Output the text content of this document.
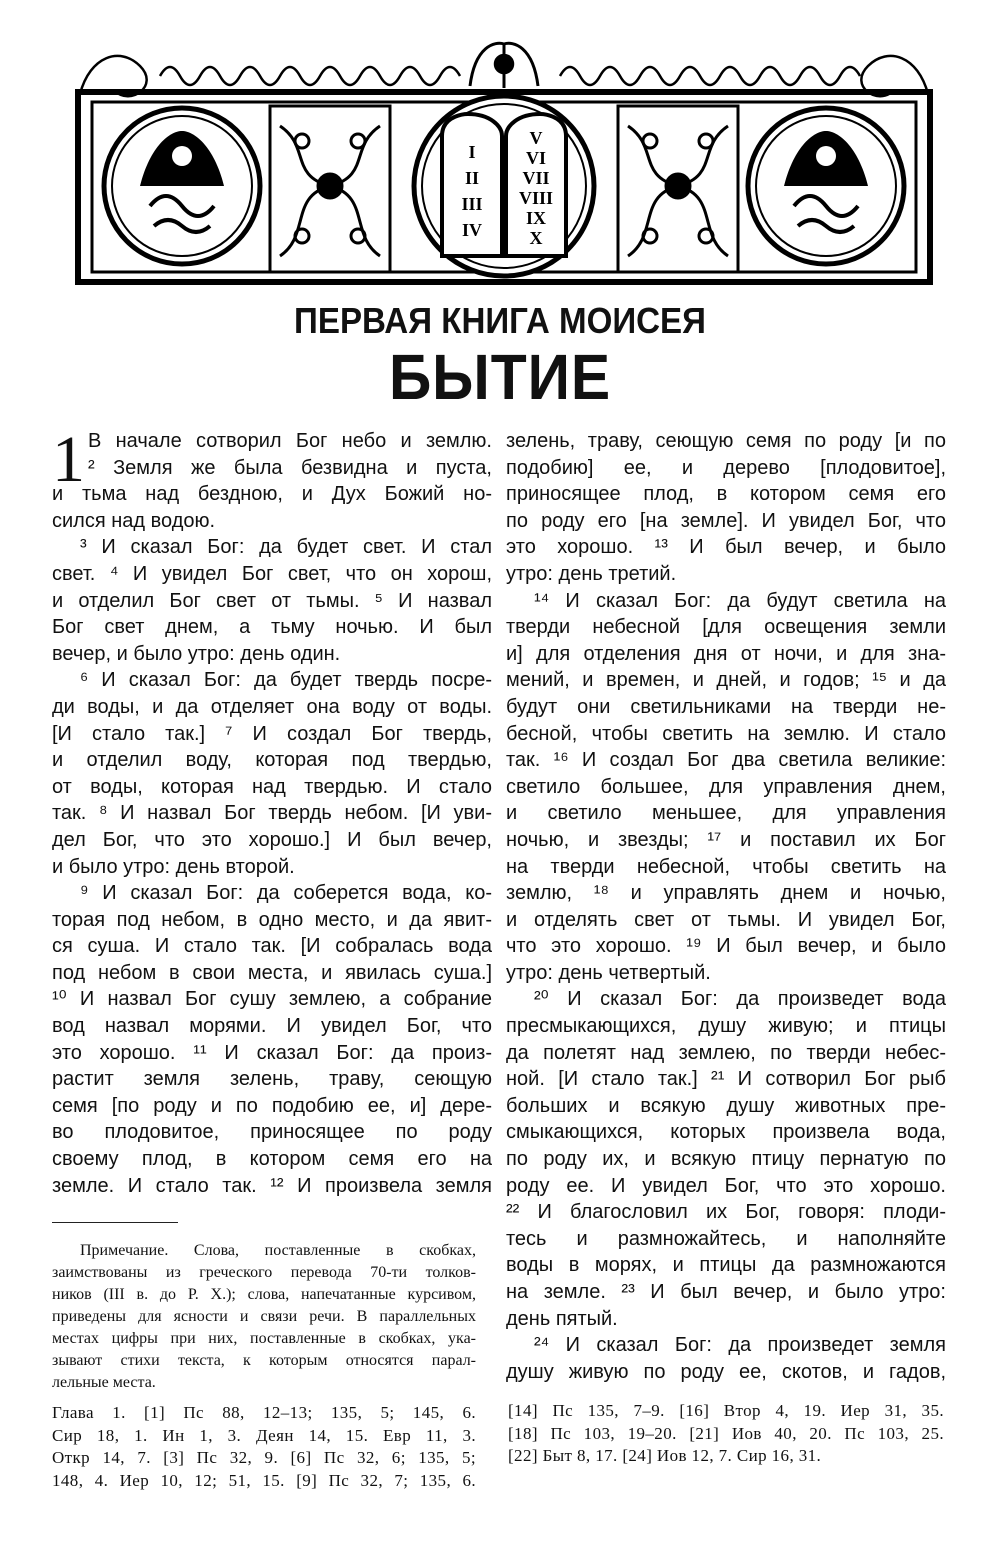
I
II
III
IV
V
VI
VII
VIII
IX
X
ПЕРВАЯ КНИГА МОИСЕЯ
БЫТИЕ
1 В начале сотворил Бог небо и землю.
² Земля же была безвидна и пуста,
и тьма над бездною, и Дух Божий но-
сился над водою.
³ И сказал Бог: да будет свет. И стал
свет. ⁴ И увидел Бог свет, что он хорош,
и отделил Бог свет от тьмы. ⁵ И назвал
Бог свет днем, а тьму ночью. И был
вечер, и было утро: день один.
⁶ И сказал Бог: да будет твердь посре-
ди воды, и да отделяет она воду от воды.
[И стало так.] ⁷ И создал Бог твердь,
и отделил воду, которая под твердью,
от воды, которая над твердью. И стало
так. ⁸ И назвал Бог твердь небом. [И уви-
дел Бог, что это хорошо.] И был вечер,
и было утро: день второй.
⁹ И сказал Бог: да соберется вода, ко-
торая под небом, в одно место, и да явит-
ся суша. И стало так. [И собралась вода
под небом в свои места, и явилась суша.]
¹⁰ И назвал Бог сушу землею, а собрание
вод назвал морями. И увидел Бог, что
это хорошо. ¹¹ И сказал Бог: да произ-
растит земля зелень, траву, сеющую
семя [по роду и по подобию ее, и] дере-
во плодовитое, приносящее по роду
своему плод, в котором семя его на
земле. И стало так. ¹² И произвела земля
зелень, траву, сеющую семя по роду [и по
подобию] ее, и дерево [плодовитое],
приносящее плод, в котором семя его
по роду его [на земле]. И увидел Бог, что
это хорошо. ¹³ И был вечер, и было
утро: день третий.
¹⁴ И сказал Бог: да будут светила на
тверди небесной [для освещения земли
и] для отделения дня от ночи, и для зна-
мений, и времен, и дней, и годов; ¹⁵ и да
будут они светильниками на тверди не-
бесной, чтобы светить на землю. И стало
так. ¹⁶ И создал Бог два светила великие:
светило большее, для управления днем,
и светило меньшее, для управления
ночью, и звезды; ¹⁷ и поставил их Бог
на тверди небесной, чтобы светить на
землю, ¹⁸ и управлять днем и ночью,
и отделять свет от тьмы. И увидел Бог,
что это хорошо. ¹⁹ И был вечер, и было
утро: день четвертый.
²⁰ И сказал Бог: да произведет вода
пресмыкающихся, душу живую; и птицы
да полетят над землею, по тверди небес-
ной. [И стало так.] ²¹ И сотворил Бог рыб
больших и всякую душу животных пре-
смыкающихся, которых произвела вода,
по роду их, и всякую птицу пернатую по
роду ее. И увидел Бог, что это хорошо.
²² И благословил их Бог, говоря: плоди-
тесь и размножайтесь, и наполняйте
воды в морях, и птицы да размножаются
на земле. ²³ И был вечер, и было утро:
день пятый.
²⁴ И сказал Бог: да произведет земля
душу живую по роду ее, скотов, и гадов,
Примечание. Слова, поставленные в скобках,
заимствованы из греческого перевода 70-ти толков-
ников (III в. до Р. Х.); слова, напечатанные курсивом,
приведены для ясности и связи речи. В параллельных
местах цифры при них, поставленные в скобках, ука-
зывают стихи текста, к которым относятся парал-
лельные места.
Глава 1. [1] Пс 88, 12–13; 135, 5; 145, 6.
Сир 18, 1. Ин 1, 3. Деян 14, 15. Евр 11, 3.
Откр 14, 7. [3] Пс 32, 9. [6] Пс 32, 6; 135, 5;
148, 4. Иер 10, 12; 51, 15. [9] Пс 32, 7; 135, 6.
[14] Пс 135, 7–9. [16] Втор 4, 19. Иер 31, 35.
[18] Пс 103, 19–20. [21] Иов 40, 20. Пс 103, 25.
[22] Быт 8, 17. [24] Иов 12, 7. Сир 16, 31.
